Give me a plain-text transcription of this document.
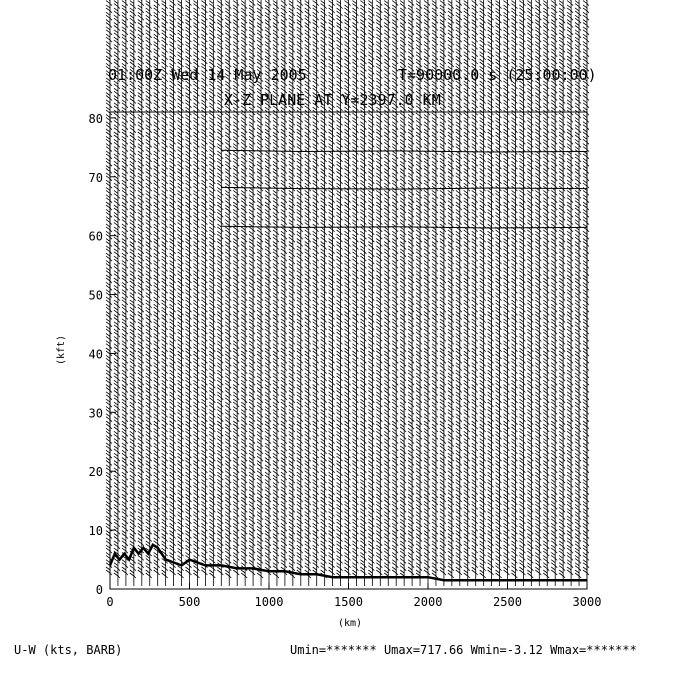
0	500	1000	1500	2000	2500	3000
0
10
20
30
40
50
60
70
80
01:00Z Wed 14 May 2005	T=90000.0 s (25:00:00)
X-Z PLANE AT Y=2397.0 KM
(km)
(kft)
U-W (kts, BARB)	Umin=******* Umax=717.66 Wmin=-3.12 Wmax=*******
